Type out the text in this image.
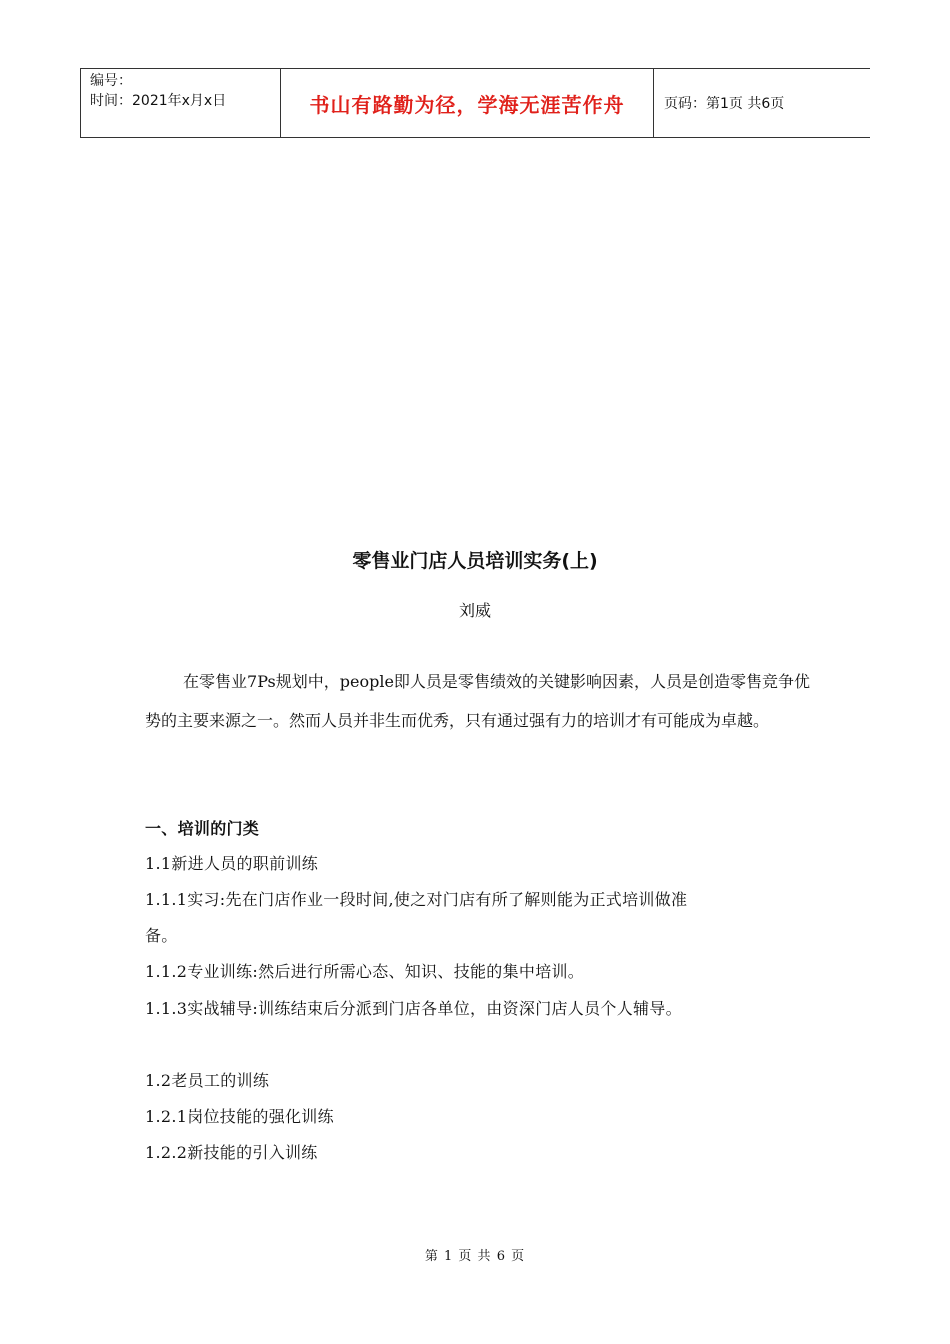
编号：
时间：2021年x月x日	书山有路勤为径，学海无涯苦作舟	页码：第1页 共6页
零售业门店人员培训实务(上)
刘威

在零售业7Ps规划中，people即人员是零售绩效的关键影响因素，人员是创造零售竞争优势的主要来源之一。然而人员并非生而优秀，只有通过强有力的培训才有可能成为卓越。

一、培训的门类

1.1新进人员的职前训练

1.1.1实习:先在门店作业一段时间,使之对门店有所了解则能为正式培训做准

备。

1.1.2专业训练:然后进行所需心态、知识、技能的集中培训。

1.1.3实战辅导:训练结束后分派到门店各单位，由资深门店人员个人辅导。

1.2老员工的训练

1.2.1岗位技能的强化训练

1.2.2新技能的引入训练

第 1 页 共 6 页
